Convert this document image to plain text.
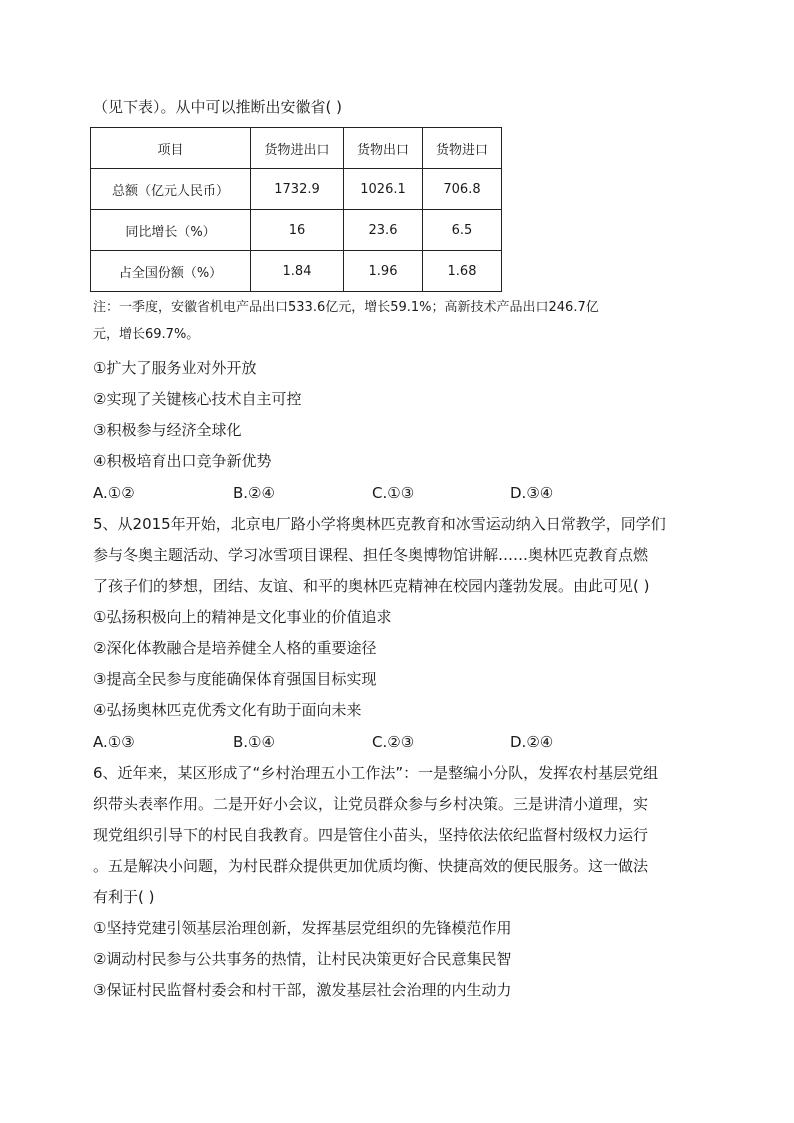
（见下表）。从中可以推断出安徽省( )
项目	货物进出口	货物出口	货物进口
总额（亿元人民币）	1732.9	1026.1	706.8
同比增长（%）	16	23.6	6.5
占全国份额（%）	1.84	1.96	1.68
注：一季度，安徽省机电产品出口533.6亿元，增长59.1%；高新技术产品出口246.7亿
元，增长69.7%。
①扩大了服务业对外开放
②实现了关键核心技术自主可控
③积极参与经济全球化
④积极培育出口竞争新优势
A.①②	B.②④	C.①③	D.③④
5、从2015年开始，北京电厂路小学将奥林匹克教育和冰雪运动纳入日常教学，同学们
参与冬奥主题活动、学习冰雪项目课程、担任冬奥博物馆讲解……奥林匹克教育点燃
了孩子们的梦想，团结、友谊、和平的奥林匹克精神在校园内蓬勃发展。由此可见( )
①弘扬积极向上的精神是文化事业的价值追求
②深化体教融合是培养健全人格的重要途径
③提高全民参与度能确保体育强国目标实现
④弘扬奥林匹克优秀文化有助于面向未来
A.①③	B.①④	C.②③	D.②④
6、近年来，某区形成了“乡村治理五小工作法”：一是整编小分队，发挥农村基层党组
织带头表率作用。二是开好小会议，让党员群众参与乡村决策。三是讲清小道理，实
现党组织引导下的村民自我教育。四是管住小苗头，坚持依法依纪监督村级权力运行
。五是解决小问题，为村民群众提供更加优质均衡、快捷高效的便民服务。这一做法
有利于( )
①坚持党建引领基层治理创新，发挥基层党组织的先锋模范作用
②调动村民参与公共事务的热情，让村民决策更好合民意集民智
③保证村民监督村委会和村干部，激发基层社会治理的内生动力
